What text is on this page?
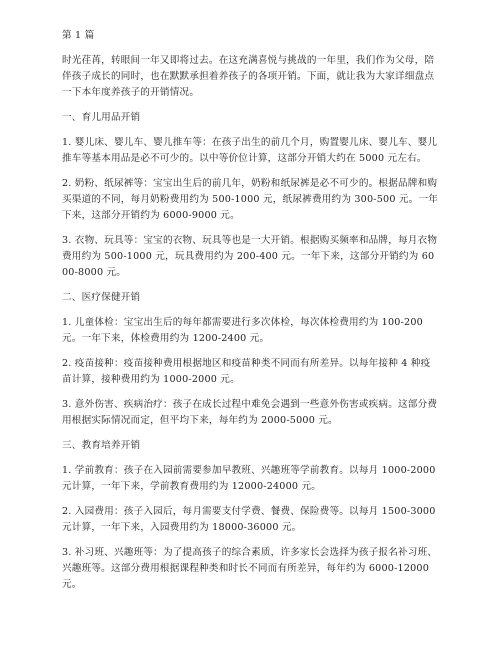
第 1 篇

时光荏苒，转眼间一年又即将过去。在这充满喜悦与挑战的一年里，我们作为父母，陪伴孩子成长的同时，也在默默承担着养孩子的各项开销。下面，就让我为大家详细盘点一下本年度养孩子的开销情况。

一、育儿用品开销

1. 婴儿床、婴儿车、婴儿推车等：在孩子出生的前几个月，购置婴儿床、婴儿车、婴儿推车等基本用品是必不可少的。以中等价位计算，这部分开销大约在 5000 元左右。

2. 奶粉、纸尿裤等：宝宝出生后的前几年，奶粉和纸尿裤是必不可少的。根据品牌和购买渠道的不同，每月奶粉费用约为 500-1000 元，纸尿裤费用约为 300-500 元。一年下来，这部分开销约为 6000-9000 元。

3. 衣物、玩具等：宝宝的衣物、玩具等也是一大开销。根据购买频率和品牌，每月衣物费用约为 500-1000 元，玩具费用约为 200-400 元。一年下来，这部分开销约为 6000-8000 元。

二、医疗保健开销

1. 儿童体检：宝宝出生后的每年都需要进行多次体检，每次体检费用约为 100-200 元。一年下来，体检费用约为 1200-2400 元。

2. 疫苗接种：疫苗接种费用根据地区和疫苗种类不同而有所差异。以每年接种 4 种疫苗计算，接种费用约为 1000-2000 元。

3. 意外伤害、疾病治疗：孩子在成长过程中难免会遇到一些意外伤害或疾病。这部分费用根据实际情况而定，但平均下来，每年约为 2000-5000 元。

三、教育培养开销

1. 学前教育：孩子在入园前需要参加早教班、兴趣班等学前教育。以每月 1000-2000 元计算，一年下来，学前教育费用约为 12000-24000 元。

2. 入园费用：孩子入园后，每月需要支付学费、餐费、保险费等。以每月 1500-3000 元计算，一年下来，入园费用约为 18000-36000 元。

3. 补习班、兴趣班等：为了提高孩子的综合素质，许多家长会选择为孩子报名补习班、兴趣班等。这部分费用根据课程种类和时长不同而有所差异，每年约为 6000-12000 元。
